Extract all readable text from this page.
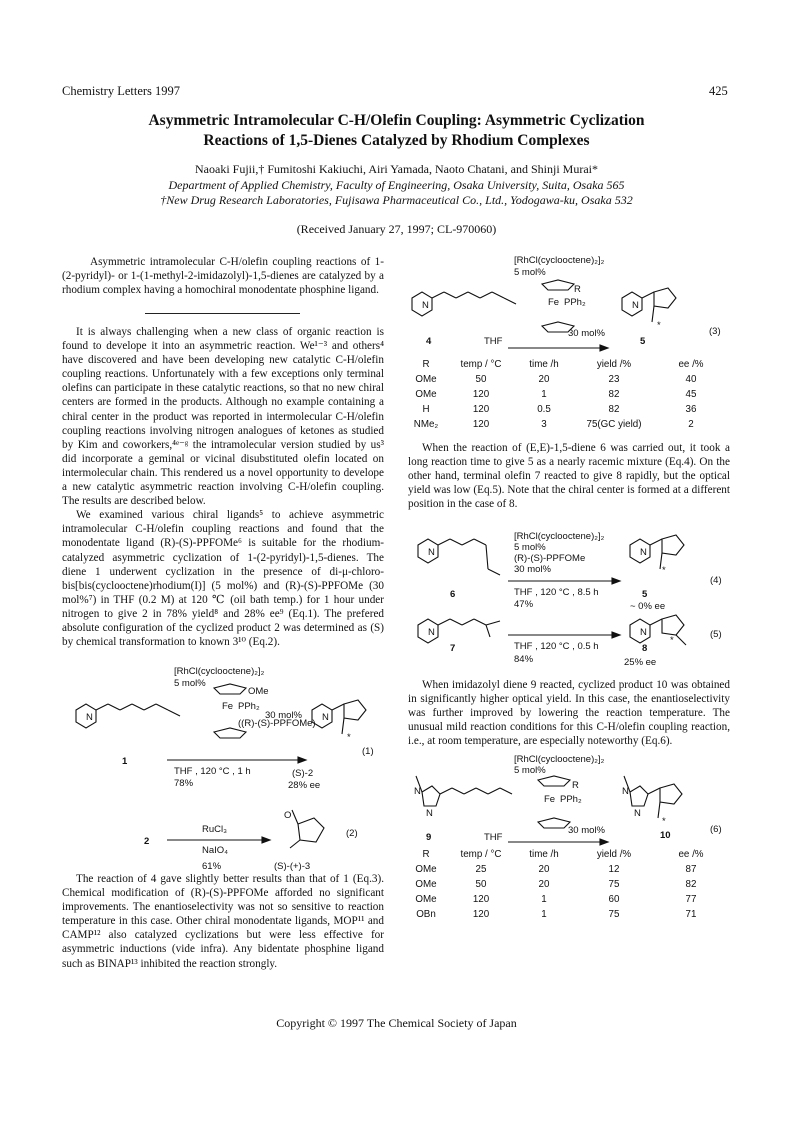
Chemistry Letters 1997	425
Asymmetric Intramolecular C-H/Olefin Coupling: Asymmetric Cyclization
Reactions of 1,5-Dienes Catalyzed by Rhodium Complexes
Naoaki Fujii,† Fumitoshi Kakiuchi, Airi Yamada, Naoto Chatani, and Shinji Murai*
Department of Applied Chemistry, Faculty of Engineering, Osaka University, Suita, Osaka 565
†New Drug Research Laboratories, Fujisawa Pharmaceutical Co., Ltd., Yodogawa-ku, Osaka 532
(Received January 27, 1997; CL-970060)
Asymmetric intramolecular C-H/olefin coupling reactions of 1-(2-pyridyl)- or 1-(1-methyl-2-imidazolyl)-1,5-dienes are catalyzed by a rhodium complex having a homochiral monodentate phosphine ligand.

It is always challenging when a new class of organic reaction is found to develope it into an asymmetric reaction. We¹⁻³ and others⁴ have discovered and have been developing new catalytic C-H/olefin coupling reactions. Unfortunately with a few exceptions only terminal olefins can participate in these catalytic reactions, so that no new chiral centers are formed in the products. Although no example containing a chiral center in the product was reported in intermolecular C-H/olefin coupling reactions involving nitrogen analogues of ketones as studied by Kim and coworkers,⁴ᵉ⁻ᵍ the intramolecular version studied by us³ did incorporate a geminal or vicinal disubstituted olefin located on intermolecular chain. This rendered us a novel opportunity to develope a new catalytic asymmetric reaction involving C-H/olefin coupling. The results are described below.

We examined various chiral ligands⁵ to achieve asymmetric intramolecular C-H/olefin coupling reactions and found that the monodentate ligand (R)-(S)-PPFOMe⁶ is suitable for the rhodium-catalyzed asymmetric cyclization of 1-(2-pyridyl)-1,5-dienes. The diene 1 underwent cyclization in the presence of di-μ-chloro-bis[bis(cyclooctene)rhodium(I)] (5 mol%) and (R)-(S)-PPFOMe (30 mol%⁷) in THF (0.2 M) at 120 ℃ (oil bath temp.) for 1 hour under nitrogen to give 2 in 78% yield⁸ and 28% ee⁹ (Eq.1). The prefered absolute configuration of the cyclized product 2 was determined as (S) by chemical transformation to known 3¹⁰ (Eq.2).

[RhCl(cyclooctene)₂]₂
5 mol%
OMe
Fe PPh₂
30 mol%
((R)-(S)-PPFOMe)
N	N
*
(1)
1
THF , 120 °C , 1 h
78%
(S)-2
28% ee
2
RuCl₃
NaIO₄
61%
O
(2)
(S)-(+)-3

The reaction of 4 gave slightly better results than that of 1 (Eq.3). Chemical modification of (R)-(S)-PPFOMe afforded no significant improvements. The enantioselectivity was not so sensitive to reaction temperature in this case. Other chiral monodentate ligands, MOP¹¹ and CAMP¹² also catalyzed cyclizations but were less effective for asymmetric inductions (vide infra). Any bidentate phosphine ligand such as BINAP¹³ inhibited the reaction strongly.

[RhCl(cyclooctene)₂]₂
5 mol%
R
Fe PPh₂
30 mol%
N	N
*
4	THF	5
(3)
R	temp / °C	time /h	yield /%	ee /%
OMe	50	20	23	40
OMe	120	1	82	45
H	120	0.5	82	36
NMe₂	120	3	75(GC yield)	2

When the reaction of (E,E)-1,5-diene 6 was carried out, it took a long reaction time to give 5 as a nearly racemic mixture (Eq.4). On the other hand, terminal olefin 7 reacted to give 8 rapidly, but the optical yield was low (Eq.5). Note that the chiral center is formed at a different position in the case of 8.

[RhCl(cyclooctene)₂]₂
5 mol%
(R)-(S)-PPFOMe
30 mol%
N	N
*
(4)
6	THF , 120 °C , 8.5 h
47%
5
~ 0% ee
N	N
*
(5)
THF , 120 °C , 0.5 h
7
84%
8
25% ee

When imidazolyl diene 9 reacted, cyclized product 10 was obtained in significantly higher optical yield. In this case, the enantioselectivity was further improved by lowering the reaction temperature. The unusual mild reaction conditions for this C-H/olefin coupling reaction, i.e., at room temperature, are especially noteworthy (Eq.6).

[RhCl(cyclooctene)₂]₂
5 mol%
R
Fe PPh₂
30 mol%
N
N
N
N
*
(6)
9	THF	10
R	temp / °C	time /h	yield /%	ee /%
OMe	25	20	12	87
OMe	50	20	75	82
OMe	120	1	60	77
OBn	120	1	75	71
Copyright © 1997 The Chemical Society of Japan
